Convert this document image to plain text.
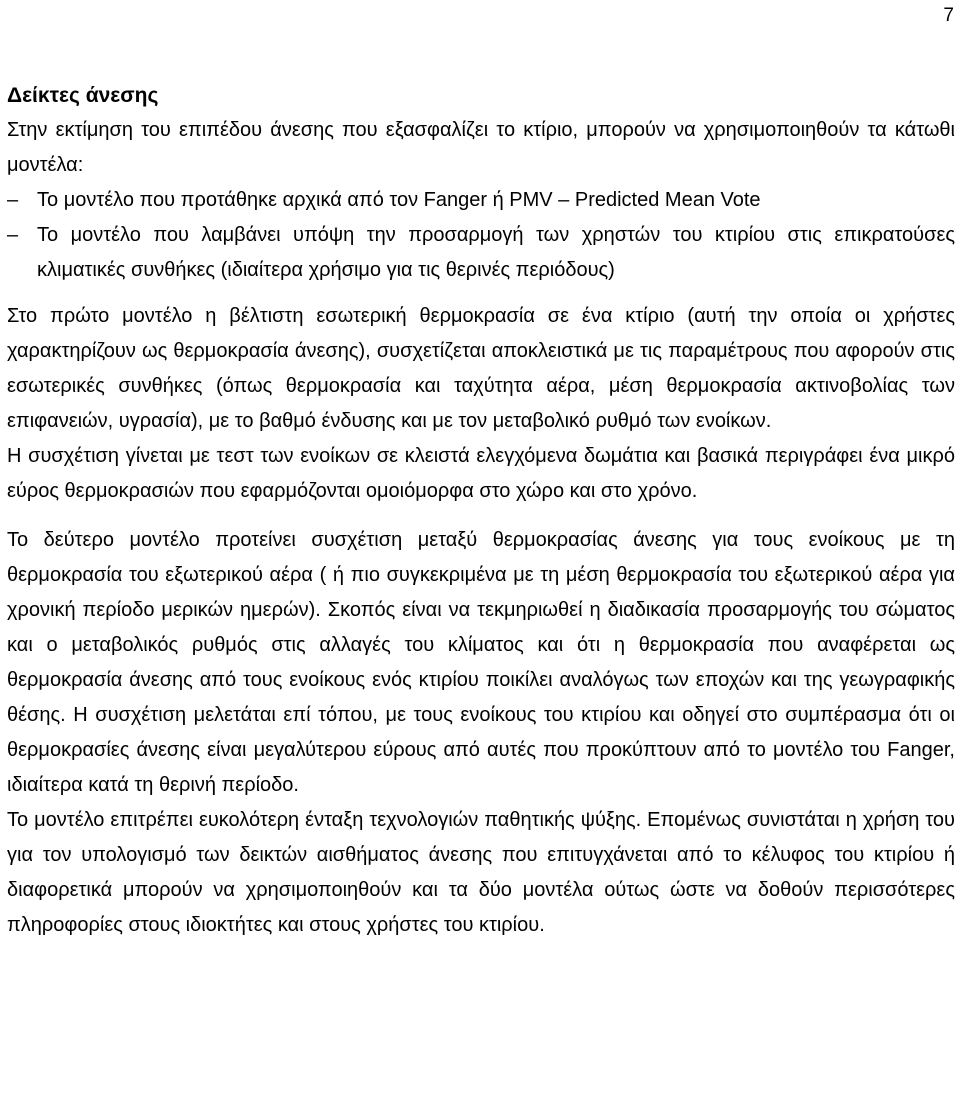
7
Δείκτες άνεσης

Στην εκτίμηση του επιπέδου άνεσης που εξασφαλίζει το κτίριο, μπορούν να χρησιμοποιηθούν τα κάτωθι μοντέλα:

– Το μοντέλο που προτάθηκε αρχικά από τον Fanger ή PMV – Predicted Mean Vote
– Το μοντέλο που λαμβάνει υπόψη την προσαρμογή των χρηστών του κτιρίου στις επικρατούσες κλιματικές συνθήκες (ιδιαίτερα χρήσιμο για τις θερινές περιόδους)

Στο πρώτο μοντέλο η βέλτιστη εσωτερική θερμοκρασία σε ένα κτίριο (αυτή την οποία οι χρήστες χαρακτηρίζουν ως θερμοκρασία άνεσης), συσχετίζεται αποκλειστικά με τις παραμέτρους που αφορούν στις εσωτερικές συνθήκες (όπως θερμοκρασία και ταχύτητα αέρα, μέση θερμοκρασία ακτινοβολίας των επιφανειών, υγρασία), με το βαθμό ένδυσης και με τον μεταβολικό ρυθμό των ενοίκων.

Η συσχέτιση γίνεται με τεστ των ενοίκων σε κλειστά ελεγχόμενα δωμάτια και βασικά περιγράφει ένα μικρό εύρος θερμοκρασιών που εφαρμόζονται ομοιόμορφα στο χώρο και στο χρόνο.

Το δεύτερο μοντέλο προτείνει συσχέτιση μεταξύ θερμοκρασίας άνεσης για τους ενοίκους με τη θερμοκρασία του εξωτερικού αέρα ( ή πιο συγκεκριμένα με τη μέση θερμοκρασία του εξωτερικού αέρα για χρονική περίοδο μερικών ημερών). Σκοπός είναι να τεκμηριωθεί η διαδικασία προσαρμογής του σώματος και ο μεταβολικός ρυθμός στις αλλαγές του κλίματος και ότι η θερμοκρασία που αναφέρεται ως θερμοκρασία άνεσης από τους ενοίκους ενός κτιρίου ποικίλει αναλόγως των εποχών και της γεωγραφικής θέσης. Η συσχέτιση μελετάται επί τόπου, με τους ενοίκους του κτιρίου και οδηγεί στο συμπέρασμα ότι οι θερμοκρασίες άνεσης είναι μεγαλύτερου εύρους από αυτές που προκύπτουν από το μοντέλο του Fanger, ιδιαίτερα κατά τη θερινή περίοδο.

Το μοντέλο επιτρέπει ευκολότερη ένταξη τεχνολογιών παθητικής ψύξης. Επομένως συνιστάται η χρήση του για τον υπολογισμό των δεικτών αισθήματος άνεσης που επιτυγχάνεται από το κέλυφος του κτιρίου ή διαφορετικά μπορούν να χρησιμοποιηθούν και τα δύο μοντέλα ούτως ώστε να δοθούν περισσότερες πληροφορίες στους ιδιοκτήτες και στους χρήστες του κτιρίου.
